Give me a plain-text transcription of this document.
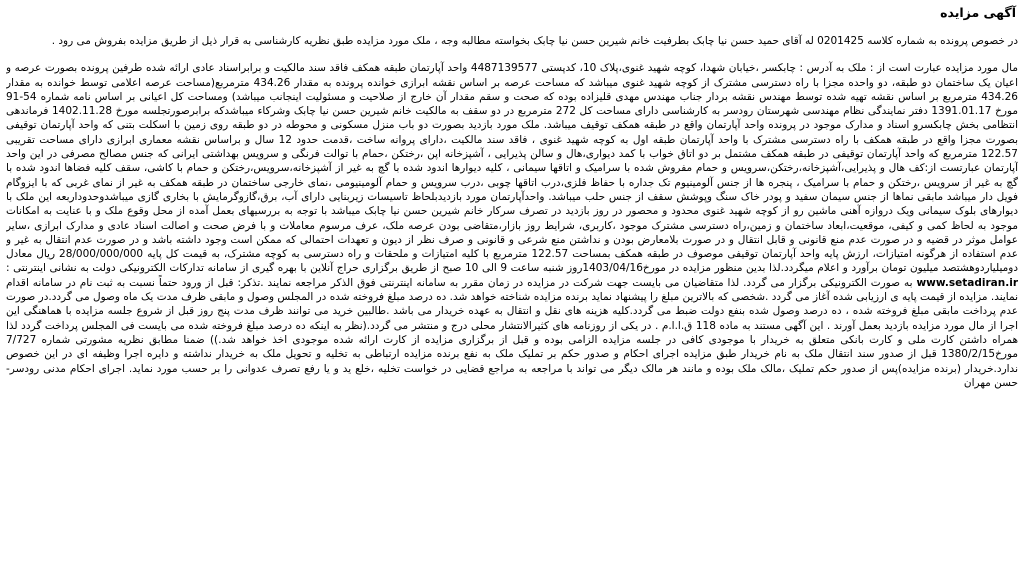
آگهی مزایده

در خصوص پرونده به شماره کلاسه 0201425 له آقای حمید حسن نیا چابک بطرفیت خانم شیرین حسن نیا چابک بخواسته مطالبه وجه ، ملک مورد مزایده طبق نظریه کارشناسی به قرار ذیل از طریق مزایده بفروش می رود .

مال مورد مزایده عبارت است از : ملک به آدرس : چابکسر ،خیابان شهدا، کوچه شهید غنوی،پلاک 10، کدپستی 4487139577 واحد آپارتمان طبقه همکف فاقد سند مالکیت و برابراسناد عادی ارائه شده طرفین پرونده بصورت عرصه و اعیان یک ساختمان دو طبقه، دو واحده مجزا با راه دسترسی مشترک از کوچه شهید غنوی میباشد که مساحت عرصه بر اساس نقشه ابرازی خوانده پرونده به مقدار 434.26 مترمربع(مساحت عرصه اعلامی توسط خوانده به مقدار 434.26 مترمربع بر اساس نقشه تهیه شده توسط مهندس نقشه بردار جناب مهندس مهدی قلیزاده بوده که صحت و سقم مقدار آن خارج از صلاحیت و مسئولیت اینجانب میباشد) ومساحت کل اعیانی بر اساس نامه شماره 54-91 مورخ 1391.01.17 دفتر نمایندگی نظام مهندسی شهرستان رودسر به کارشناسی دارای مساحت کل 272 مترمربع در دو سقف به مالکیت خانم شیرین حسن نیا چابک وشرکاء میباشدکه برابرصورتجلسه مورخ 1402.11.28 فرماندهی انتظامی بخش چابکسرو اسناد و مدارک موجود در پرونده واحد آپارتمان واقع در طبقه همکف توقیف میباشد. ملک مورد بازدید بصورت دو باب منزل مسکونی و محوطه در دو طبقه روی زمین با اسکلت بتنی که واحد آپارتمان توقیفی بصورت مجزا واقع در طبقه همکف با راه دسترسی مشترک با واحد آپارتمان طبقه اول به کوچه شهید غنوی ، فاقد سند مالکیت ،دارای پروانه ساخت ،قدمت حدود 12 سال و براساس نقشه معماری ابرازی دارای مساحت تقریبی 122.57 مترمربع که واحد آپارتمان توقیفی در طبقه همکف مشتمل بر دو اتاق خواب با کمد دیواری،هال و سالن پذیرایی ، آشپزخانه اپن ،رختکن ،حمام با توالت فرنگی و سرویس بهداشتی ایرانی که جنس مصالح مصرفی در این واحد آپارتمان عبارتست از:کف هال و پذیرایی،آشپزخانه،رختکن،سرویس و حمام مفروش شده با سرامیک و اتاقها سیمانی ، کلیه دیوارها اندود شده با گچ به غیر از آشپزخانه،سرویس،رختکن و حمام با کاشی، سقف کلیه فضاها اندود شده با گچ به غیر از سرویس ،رختکن و حمام با سرامیک ، پنجره ها از جنس آلومینیوم تک جداره با حفاظ فلزی،درب اتاقها چوبی ،درب سرویس و حمام آلومینیومی ،نمای خارجی ساختمان در طبقه همکف به غیر از نمای غربی که با ایزوگام فویل دار میباشد مابقی نماها از جنس سیمان سفید و پودر خاک سنگ وپوشش سقف از جنس حلب میباشد. واحدآپارتمان مورد بازدیدبلحاظ تاسیسات زیربنایی دارای آب، برق،گازوگرمایش با بخاری گازی میباشدوحدوداربعه این ملک با دیوارهای بلوک سیمانی ویک دروازه آهنی ماشین رو از کوچه شهید غنوی محدود و محصور در روز بازدید در تصرف سرکار خانم شیرین حسن نیا چابک میباشد با توجه به بررسیهای بعمل آمده از محل وقوع ملک و با عنایت به امکانات موجود به لحاظ کمی و کیفی، موقعیت،ابعاد ساختمان و زمین،راه دسترسی مشترک موجود ،کاربری، شرایط روز بازار،متقاضی بودن عرصه ملک، عرف مرسوم معاملات و با فرض صحت و اصالت اسناد عادی و مدارک ابرازی ،سایر عوامل موثر در قضیه و در صورت عدم منع قانونی و قابل انتقال و در صورت بلامعارض بودن و نداشتن منع شرعی و قانونی و صرف نظر از دیون و تعهدات احتمالی که ممکن است وجود داشته باشد و در صورت عدم انتقال به غیر و عدم استفاده از هرگونه امتیازات، ارزش پایه واحد آپارتمان توقیفی موصوف در طبقه همکف بمساحت 122.57 مترمربع با کلیه امتیازات و ملحقات و راه دسترسی به کوچه مشترک، به قیمت کل پایه 28/000/000/000 ریال معادل دومیلیاردوهشتصد میلیون تومان برآورد و اعلام میگردد.لذا بدین منظور مزایده در مورخ1403/04/16روز شنبه ساعت 9 الی 10 صبح از طریق برگزاری حراج آنلاین با بهره گیری از سامانه تدارکات الکترونیکی دولت به نشانی اینترنتی : www.setadiran.ir به صورت الکترونیکی برگزار می گردد. لذا متقاضیان می بایست جهت شرکت در مزایده در زمان مقرر به سامانه اینترنتی فوق الذکر مراجعه نمایند .تذکر: قبل از ورود حتماً نسبت به ثبت نام در سامانه اقدام نمایند. مزایده از قیمت پایه ی ارزیابی شده آغاز می گردد .شخصی که بالاترین مبلغ را پیشنهاد نماید برنده مزایده شناخته خواهد شد. ده درصد مبلغ فروخته شده در المجلس وصول و مابقی ظرف مدت یک ماه وصول می گردد.در صورت عدم پرداخت مابقی مبلغ فروخته شده ، ده درصد وصول شده بنفع دولت ضبط می گردد.کلیه هزینه های نقل و انتقال به عهده خریدار می باشد .طالبین خرید می توانند ظرف مدت پنج روز قبل از شروع جلسه مزایده با هماهنگی این اجرا از مال مورد مزایده بازدید بعمل آورند . این آگهی مستند به ماده 118 ق.ا.ا.م . در یکی از روزنامه های کثیرالانتشار محلی درج و منتشر می گردد.(نظر به اینکه ده درصد مبلغ فروخته شده می بایست فی المجلس پرداخت گردد لذا همراه داشتن کارت ملی و کارت بانکی متعلق به خریدار با موجودی کافی در جلسه مزایده الزامی بوده و قبل از برگزاری مزایده از کارت ارائه شده موجودی اخذ خواهد شد.)) ضمنا مطابق نظریه مشورتی شماره 7/727 مورخ1380/2/15 قبل از صدور سند انتقال ملک به نام خریدار طبق مزایده اجرای احکام و صدور حکم بر تملیک ملک به نفع برنده مزایده ارتباطی به تخلیه و تحویل ملک به خریدار نداشته و دایره اجرا وظیفه ای در این خصوص ندارد.خریدار (برنده مزایده)پس از صدور حکم تملیک ،مالک ملک بوده و مانند هر مالک دیگر می تواند با مراجعه به مراجع قضایی در خواست تخلیه ،خلع ید و یا رفع تصرف عدوانی را بر حسب مورد نماید. اجرای احکام مدنی رودسر-حسن مهران
